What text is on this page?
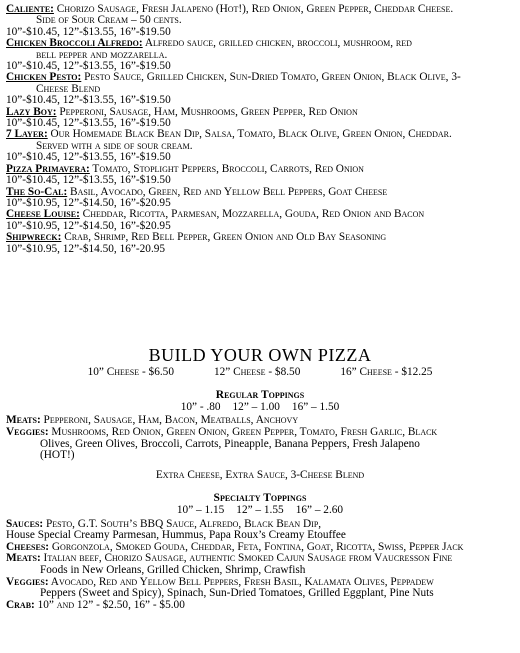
Caliente: Chorizo Sausage, Fresh Jalapeno (Hot!), Red Onion, Green Pepper, Cheddar Cheese.
Side of Sour Cream – 50 cents.
10”-$10.45, 12”-$13.55, 16”-$19.50
Chicken Broccoli Alfredo: Alfredo sauce, grilled chicken, broccoli, mushroom, red
bell pepper and mozzarella.
10”-$10.45, 12”-$13.55, 16”-$19.50
Chicken Pesto: Pesto Sauce, Grilled Chicken, Sun-Dried Tomato, Green Onion, Black Olive, 3-
Cheese Blend
10”-$10.45, 12”-$13.55, 16”-$19.50
Lazy Boy: Pepperoni, Sausage, Ham, Mushrooms, Green Pepper, Red Onion
10”-$10.45, 12”-$13.55, 16”-$19.50
7 Layer: Our Homemade Black Bean Dip, Salsa, Tomato, Black Olive, Green Onion, Cheddar.
Served with a side of sour cream.
10”-$10.45, 12”-$13.55, 16”-$19.50
Pizza Primavera: Tomato, Stoplight Peppers, Broccoli, Carrots, Red Onion
10”-$10.45, 12”-$13.55, 16”-$19.50
The So-Cal: Basil, Avocado, Green, Red and Yellow Bell Peppers, Goat Cheese
10”-$10.95, 12”-$14.50, 16”-$20.95
Cheese Louise: Cheddar, Ricotta, Parmesan, Mozzarella, Gouda, Red Onion and Bacon
10”-$10.95, 12”-$14.50, 16”-$20.95
Shipwreck: Crab, Shrimp, Red Bell Pepper, Green Onion and Old Bay Seasoning
10”-$10.95, 12”-$14.50, 16”-20.95
BUILD YOUR OWN PIZZA
10” Cheese - $6.50	12” Cheese - $8.50	16” Cheese - $12.25
Regular Toppings
10” - .80 12” – 1.00 16” – 1.50
Meats: Pepperoni, Sausage, Ham, Bacon, Meatballs, Anchovy
Veggies: Mushrooms, Red Onion, Green Onion, Green Pepper, Tomato, Fresh Garlic, Black
Olives, Green Olives, Broccoli, Carrots, Pineapple, Banana Peppers, Fresh Jalapeno
(HOT!)
Extra Cheese, Extra Sauce, 3-Cheese Blend
Specialty Toppings
10” – 1.15 12” – 1.55 16” – 2.60
Sauces: Pesto, G.T. South’s BBQ Sauce, Alfredo, Black Bean Dip,
House Special Creamy Parmesan, Hummus, Papa Roux’s Creamy Etouffee
Cheeses: Gorgonzola, Smoked Gouda, Cheddar, Feta, Fontina, Goat, Ricotta, Swiss, Pepper Jack
Meats: Italian beef, Chorizo Sausage, authentic Smoked Cajun Sausage from Vaucresson Fine
Foods in New Orleans, Grilled Chicken, Shrimp, Crawfish
Veggies: Avocado, Red and Yellow Bell Peppers, Fresh Basil, Kalamata Olives, Peppadew
Peppers (Sweet and Spicy), Spinach, Sun-Dried Tomatoes, Grilled Eggplant, Pine Nuts
Crab: 10” and 12” - $2.50, 16” - $5.00
